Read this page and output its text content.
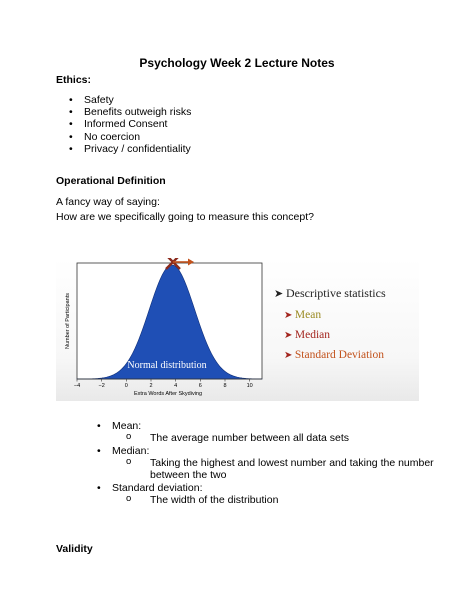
Psychology Week 2 Lecture Notes
Ethics:
• Safety
• Benefits outweigh risks
• Informed Consent
• No coercion
• Privacy / confidentiality
Operational Definition
A fancy way of saying:
How are we specifically going to measure this concept?
Normal distribution
−4	−2	0	2	4	6	8	10
Extra Words After Skydiving
Number of Participants	➤ Descriptive statistics
➤ Mean
➤ Median
➤ Standard Deviation
• Mean:
o The average number between all data sets
• Median:
o Taking the highest and lowest number and taking the number
between the two
• Standard deviation:
o The width of the distribution
Validity
